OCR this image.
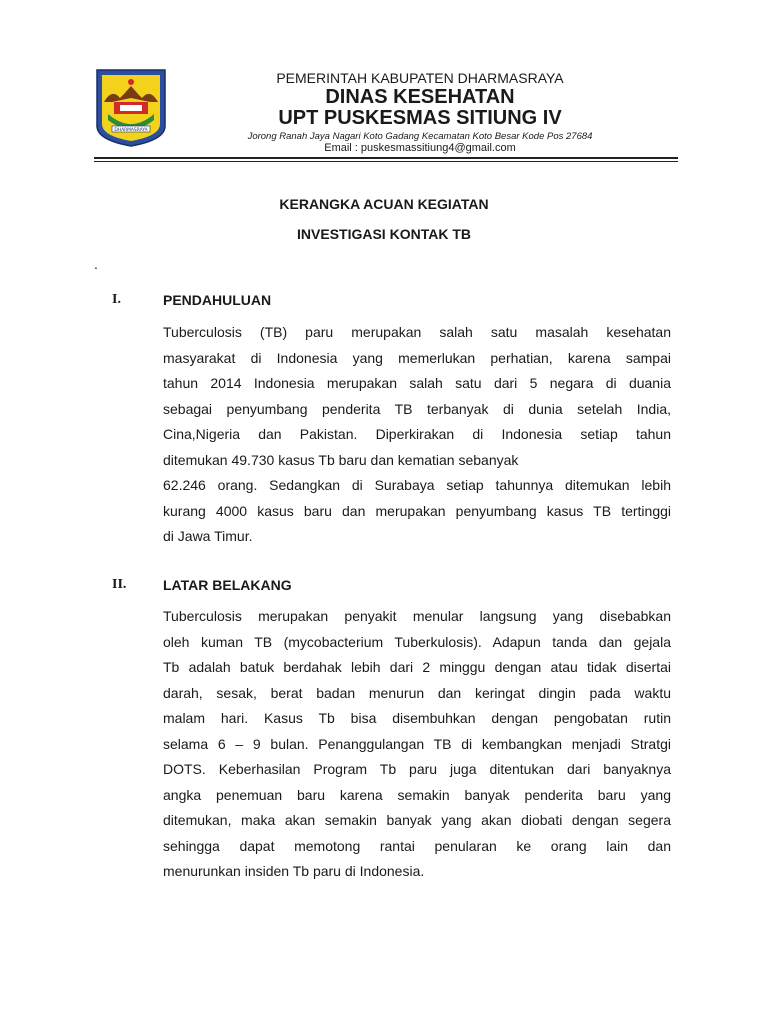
DHARMASRAYA
PEMERINTAH KABUPATEN DHARMASRAYA
DINAS KESEHATAN
UPT PUSKESMAS SITIUNG IV
Jorong Ranah Jaya Nagari Koto Gadang Kecamatan Koto Besar Kode Pos 27684
Email : puskesmassitiung4@gmail.com
KERANGKA ACUAN KEGIATAN
INVESTIGASI KONTAK TB
.
I.	PENDAHULUAN
Tuberculosis (TB) paru merupakan salah satu masalah kesehatan
masyarakat di Indonesia yang memerlukan perhatian, karena sampai
tahun 2014 Indonesia merupakan salah satu dari 5 negara di duania
sebagai penyumbang penderita TB terbanyak di dunia setelah India,
Cina,Nigeria dan Pakistan. Diperkirakan di Indonesia setiap tahun
ditemukan 49.730 kasus Tb baru dan kematian sebanyak
62.246 orang. Sedangkan di Surabaya setiap tahunnya ditemukan lebih
kurang 4000 kasus baru dan merupakan penyumbang kasus TB tertinggi
di Jawa Timur.
II.	LATAR BELAKANG
Tuberculosis merupakan penyakit menular langsung yang disebabkan
oleh kuman TB (mycobacterium Tuberkulosis). Adapun tanda dan gejala
Tb adalah batuk berdahak lebih dari 2 minggu dengan atau tidak disertai
darah, sesak, berat badan menurun dan keringat dingin pada waktu
malam hari. Kasus Tb bisa disembuhkan dengan pengobatan rutin
selama 6 – 9 bulan. Penanggulangan TB di kembangkan menjadi Stratgi
DOTS. Keberhasilan Program Tb paru juga ditentukan dari banyaknya
angka penemuan baru karena semakin banyak penderita baru yang
ditemukan, maka akan semakin banyak yang akan diobati dengan segera
sehingga dapat memotong rantai penularan ke orang lain dan
menurunkan insiden Tb paru di Indonesia.
